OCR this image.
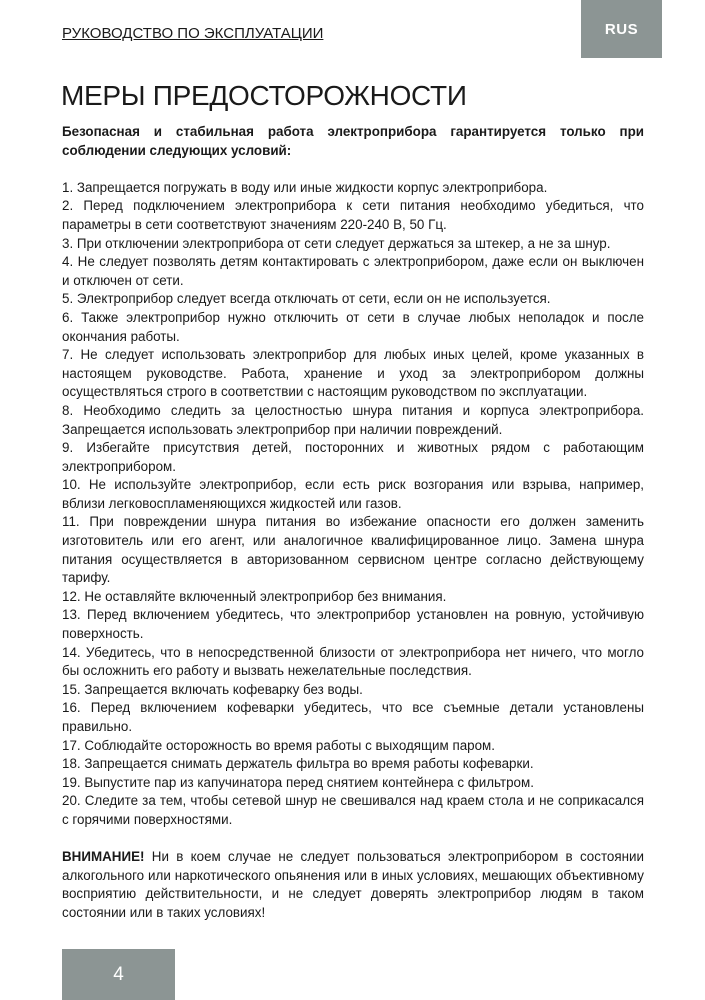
RUS
РУКОВОДСТВО ПО ЭКСПЛУАТАЦИИ
МЕРЫ ПРЕДОСТОРОЖНОСТИ

Безопасная и стабильная работа электроприбора гарантируется только при соблюдении следующих условий:

1. Запрещается погружать в воду или иные жидкости корпус электроприбора.

2. Перед подключением электроприбора к сети питания необходимо убедиться, что параметры в сети соответствуют значениям 220-240 В, 50 Гц.

3. При отключении электроприбора от сети следует держаться за штекер, а не за шнур.

4. Не следует позволять детям контактировать с электроприбором, даже если он выключен и отключен от сети.

5. Электроприбор следует всегда отключать от сети, если он не используется.

6. Также электроприбор нужно отключить от сети в случае любых неполадок и после окончания работы.

7. Не следует использовать электроприбор для любых иных целей, кроме указанных в настоящем руководстве. Работа, хранение и уход за электроприбором должны осуществляться строго в соответствии с настоящим руководством по эксплуатации.

8. Необходимо следить за целостностью шнура питания и корпуса электроприбора. Запрещается использовать электроприбор при наличии повреждений.

9. Избегайте присутствия детей, посторонних и животных рядом с работающим электроприбором.

10. Не используйте электроприбор, если есть риск возгорания или взрыва, например, вблизи легковоспламеняющихся жидкостей или газов.

11. При повреждении шнура питания во избежание опасности его должен заменить изготовитель или его агент, или аналогичное квалифицированное лицо. Замена шнура питания осуществляется в авторизованном сервисном центре согласно действующему тарифу.

12. Не оставляйте включенный электроприбор без внимания.

13. Перед включением убедитесь, что электроприбор установлен на ровную, устойчивую поверхность.

14. Убедитесь, что в непосредственной близости от электроприбора нет ничего, что могло бы осложнить его работу и вызвать нежелательные последствия.

15. Запрещается включать кофеварку без воды.

16. Перед включением кофеварки убедитесь, что все съемные детали установлены правильно.

17. Соблюдайте осторожность во время работы с выходящим паром.

18. Запрещается снимать держатель фильтра во время работы кофеварки.

19. Выпустите пар из капучинатора перед снятием контейнера с фильтром.

20. Следите за тем, чтобы сетевой шнур не свешивался над краем стола и не соприкасался с горячими поверхностями.

ВНИМАНИЕ! Ни в коем случае не следует пользоваться электроприбором в состоянии алкогольного или наркотического опьянения или в иных условиях, мешающих объективному восприятию действительности, и не следует доверять электроприбор людям в таком состоянии или в таких условиях!

4
